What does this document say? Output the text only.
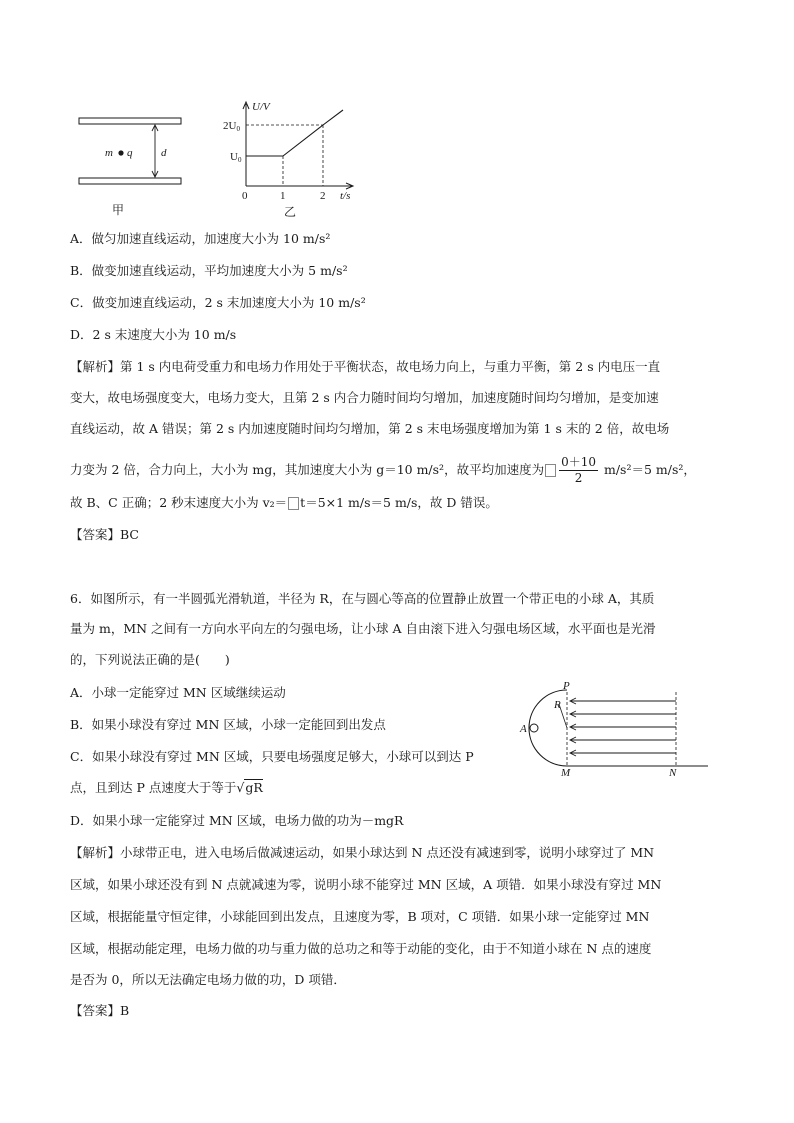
m q	d
甲
U/V
t/s
2U0
U0
0	1	2
乙
A．做匀加速直线运动，加速度大小为 10 m/s²
B．做变加速直线运动，平均加速度大小为 5 m/s²
C．做变加速直线运动，2 s 末加速度大小为 10 m/s²
D．2 s 末速度大小为 10 m/s
【解析】第 1 s 内电荷受重力和电场力作用处于平衡状态，故电场力向上，与重力平衡，第 2 s 内电压一直
变大，故电场强度变大，电场力变大，且第 2 s 内合力随时间均匀增加，加速度随时间均匀增加，是变加速
直线运动，故 A 错误；第 2 s 内加速度随时间均匀增加，第 2 s 末电场强度增加为第 1 s 末的 2 倍，故电场
力变为 2 倍，合力向上，大小为 mg，其加速度大小为 g＝10 m/s²，故平均加速度为 $\frac{0+10}{2} m/s^2=5$ m/s²，
故 B、C 正确；2 秒末速度大小为 v₂＝ t＝5×1 m/s＝5 m/s，故 D 错误。
【答案】BC
6．如图所示，有一半圆弧光滑轨道，半径为 R，在与圆心等高的位置静止放置一个带正电的小球 A，其质
量为 m，MN 之间有一方向水平向左的匀强电场，让小球 A 自由滚下进入匀强电场区域，水平面也是光滑
的，下列说法正确的是(　　)
A．小球一定能穿过 MN 区域继续运动
B．如果小球没有穿过 MN 区域，小球一定能回到出发点
C．如果小球没有穿过 MN 区域，只要电场强度足够大，小球可以到达 P
点，且到达 P 点速度大于等于√gR
D．如果小球一定能穿过 MN 区域，电场力做的功为－mgR
P
R
A
M	N
【解析】小球带正电，进入电场后做减速运动，如果小球达到 N 点还没有减速到零，说明小球穿过了 MN
区域，如果小球还没有到 N 点就减速为零，说明小球不能穿过 MN 区域，A 项错．如果小球没有穿过 MN
区域，根据能量守恒定律，小球能回到出发点，且速度为零，B 项对，C 项错．如果小球一定能穿过 MN
区域，根据动能定理，电场力做的功与重力做的总功之和等于动能的变化，由于不知道小球在 N 点的速度
是否为 0，所以无法确定电场力做的功，D 项错．
【答案】B
